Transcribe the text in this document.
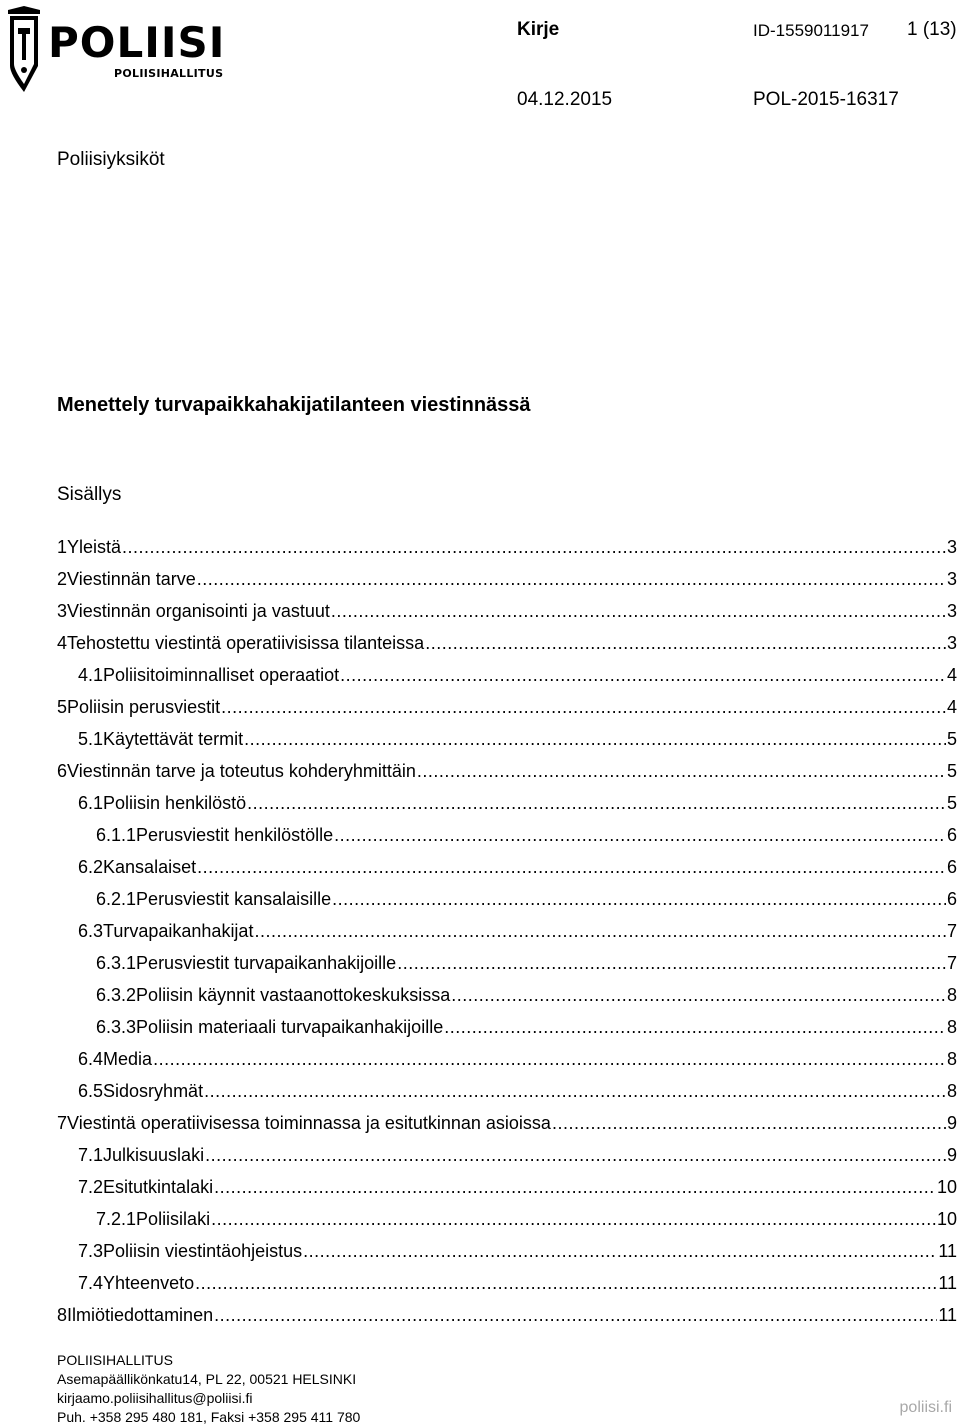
POLIISI
POLIISIHALLITUS
Kirje	ID-1559011917 1 (13)
04.12.2015	POL-2015-16317
Poliisiyksiköt
Menettely turvapaikkahakijatilanteen viestinnässä
Sisällys
1 Yleistä .....	3
2 Viestinnän tarve .....	3
3 Viestinnän organisointi ja vastuut .....	3
4 Tehostettu viestintä operatiivisissa tilanteissa .....	3
4.1 Poliisitoiminnalliset operaatiot .....	4
5 Poliisin perusviestit .....	4
5.1 Käytettävät termit .....	5
6 Viestinnän tarve ja toteutus kohderyhmittäin .....	5
6.1 Poliisin henkilöstö .....	5
6.1.1 Perusviestit henkilöstölle .....	6
6.2 Kansalaiset .....	6
6.2.1 Perusviestit kansalaisille .....	6
6.3 Turvapaikanhakijat .....	7
6.3.1 Perusviestit turvapaikanhakijoille .....	7
6.3.2 Poliisin käynnit vastaanottokeskuksissa .....	8
6.3.3 Poliisin materiaali turvapaikanhakijoille .....	8
6.4 Media .....	8
6.5 Sidosryhmät .....	8
7 Viestintä operatiivisessa toiminnassa ja esitutkinnan asioissa .....	9
7.1 Julkisuuslaki .....	9
7.2 Esitutkintalaki .....	10
7.2.1 Poliisilaki .....	10
7.3 Poliisin viestintäohjeistus .....	11
7.4 Yhteenveto .....	11
8 Ilmiötiedottaminen .....	11
POLIISIHALLITUS
Asemapäällikönkatu14, PL 22, 00521 HELSINKI
kirjaamo.poliisihallitus@poliisi.fi
Puh. +358 295 480 181, Faksi +358 295 411 780
poliisi.fi
